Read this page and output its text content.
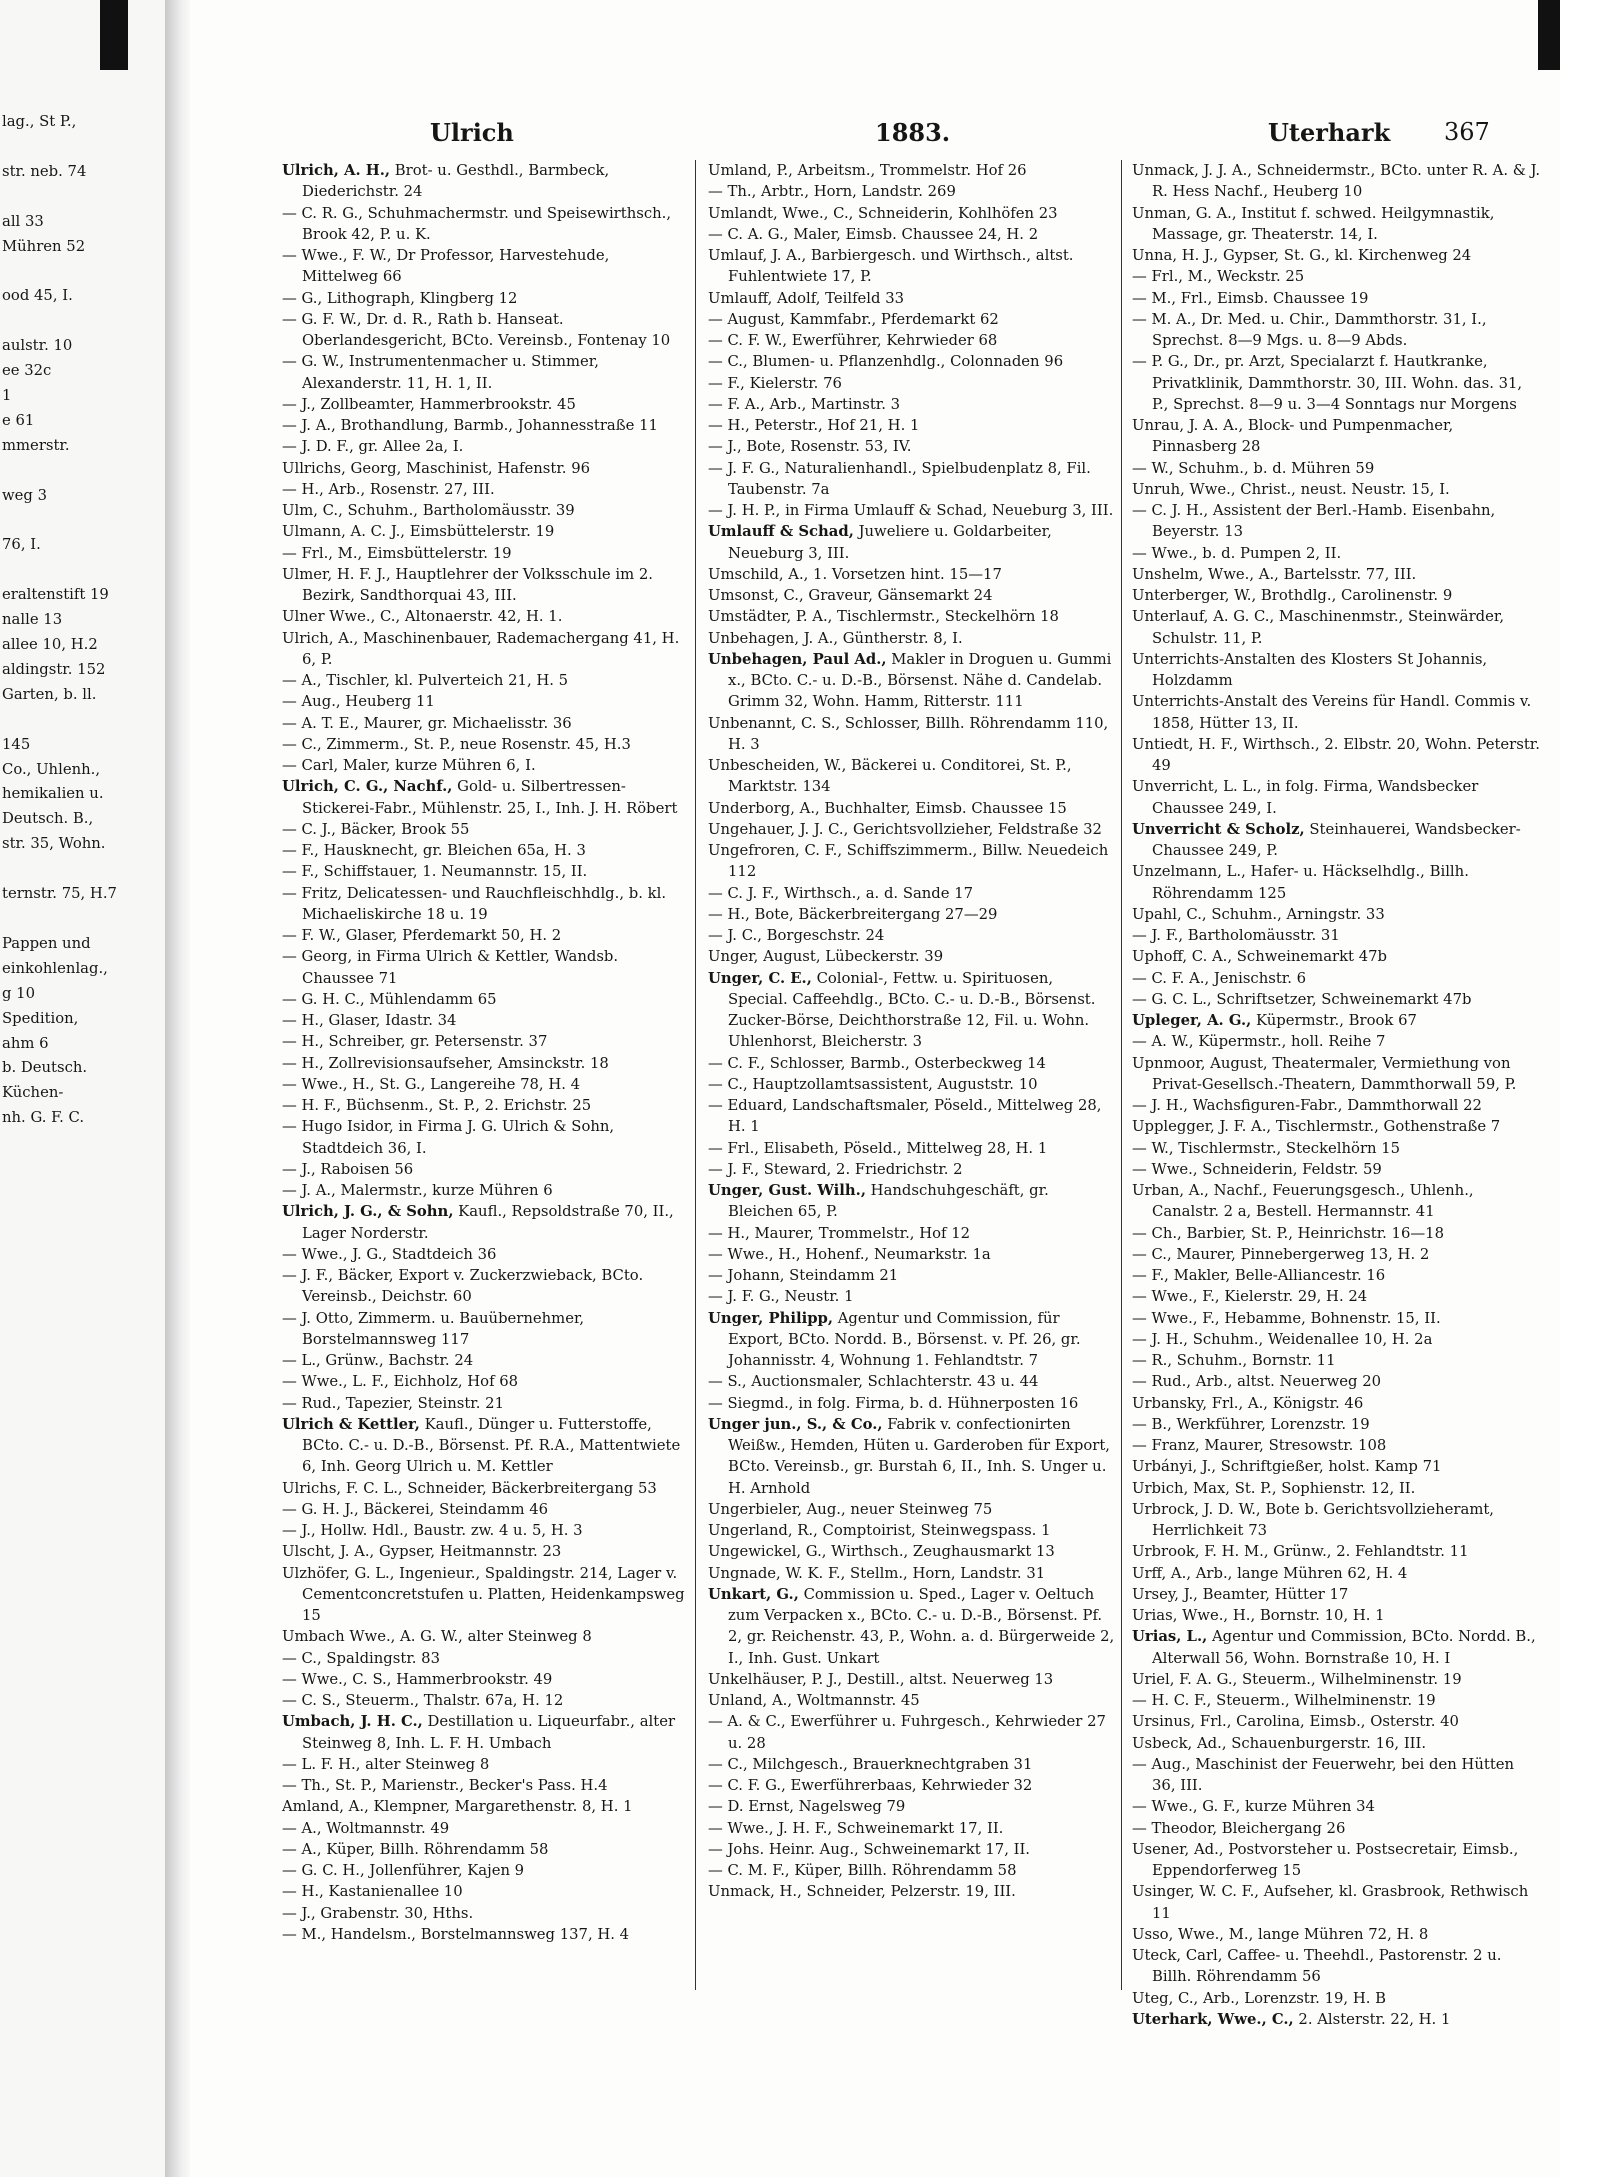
lag., St P.,

str. neb. 74

all 33
Mühren 52

ood 45, I.

aulstr. 10
ee 32c
1
e 61
mmerstr.

weg 3

76, I.

eraltenstift 19
nalle 13
allee 10, H.2
aldingstr. 152
Garten, b. ll.

145
Co., Uhlenh.,
hemikalien u.
Deutsch. B.,
str. 35, Wohn.

ternstr. 75, H.7

Pappen und
einkohlenlag.,
g 10
Spedition,
ahm 6
b. Deutsch.
Küchen-
nh. G. F. C.
Ulrich	1883.	Uterhark 367
Ulrich, A. H., Brot- u. Gesthdl., Barmbeck, Diederichstr. 24
— C. R. G., Schuhmachermstr. und Speisewirthsch., Brook 42, P. u. K.
— Wwe., F. W., Dr Professor, Harvestehude, Mittelweg 66
— G., Lithograph, Klingberg 12
— G. F. W., Dr. d. R., Rath b. Hanseat. Oberlandesgericht, BCto. Vereinsb., Fontenay 10
— G. W., Instrumentenmacher u. Stimmer, Alexanderstr. 11, H. 1, II.
— J., Zollbeamter, Hammerbrookstr. 45
— J. A., Brothandlung, Barmb., Johannesstraße 11
— J. D. F., gr. Allee 2a, I.
Ullrichs, Georg, Maschinist, Hafenstr. 96
— H., Arb., Rosenstr. 27, III.
Ulm, C., Schuhm., Bartholomäusstr. 39
Ulmann, A. C. J., Eimsbüttelerstr. 19
— Frl., M., Eimsbüttelerstr. 19
Ulmer, H. F. J., Hauptlehrer der Volksschule im 2. Bezirk, Sandthorquai 43, III.
Ulner Wwe., C., Altonaerstr. 42, H. 1.
Ulrich, A., Maschinenbauer, Rademachergang 41, H. 6, P.
— A., Tischler, kl. Pulverteich 21, H. 5
— Aug., Heuberg 11
— A. T. E., Maurer, gr. Michaelisstr. 36
— C., Zimmerm., St. P., neue Rosenstr. 45, H.3
— Carl, Maler, kurze Mühren 6, I.
Ulrich, C. G., Nachf., Gold- u. Silbertressen-Stickerei-Fabr., Mühlenstr. 25, I., Inh. J. H. Röbert
— C. J., Bäcker, Brook 55
— F., Hausknecht, gr. Bleichen 65a, H. 3
— F., Schiffstauer, 1. Neumannstr. 15, II.
— Fritz, Delicatessen- und Rauchfleischhdlg., b. kl. Michaeliskirche 18 u. 19
— F. W., Glaser, Pferdemarkt 50, H. 2
— Georg, in Firma Ulrich & Kettler, Wandsb. Chaussee 71
— G. H. C., Mühlendamm 65
— H., Glaser, Idastr. 34
— H., Schreiber, gr. Petersenstr. 37
— H., Zollrevisionsaufseher, Amsinckstr. 18
— Wwe., H., St. G., Langereihe 78, H. 4
— H. F., Büchsenm., St. P., 2. Erichstr. 25
— Hugo Isidor, in Firma J. G. Ulrich & Sohn, Stadtdeich 36, I.
— J., Raboisen 56
— J. A., Malermstr., kurze Mühren 6
Ulrich, J. G., & Sohn, Kaufl., Repsoldstraße 70, II., Lager Norderstr.
— Wwe., J. G., Stadtdeich 36
— J. F., Bäcker, Export v. Zuckerzwieback, BCto. Vereinsb., Deichstr. 60
— J. Otto, Zimmerm. u. Bauübernehmer, Borstelmannsweg 117
— L., Grünw., Bachstr. 24
— Wwe., L. F., Eichholz, Hof 68
— Rud., Tapezier, Steinstr. 21
Ulrich & Kettler, Kaufl., Dünger u. Futterstoffe, BCto. C.- u. D.-B., Börsenst. Pf. R.A., Mattentwiete 6, Inh. Georg Ulrich u. M. Kettler
Ulrichs, F. C. L., Schneider, Bäckerbreitergang 53
— G. H. J., Bäckerei, Steindamm 46
— J., Hollw. Hdl., Baustr. zw. 4 u. 5, H. 3
Ulscht, J. A., Gypser, Heitmannstr. 23
Ulzhöfer, G. L., Ingenieur., Spaldingstr. 214, Lager v. Cementconcretstufen u. Platten, Heidenkampsweg 15
Umbach Wwe., A. G. W., alter Steinweg 8
— C., Spaldingstr. 83
— Wwe., C. S., Hammerbrookstr. 49
— C. S., Steuerm., Thalstr. 67a, H. 12
Umbach, J. H. C., Destillation u. Liqueurfabr., alter Steinweg 8, Inh. L. F. H. Umbach
— L. F. H., alter Steinweg 8
— Th., St. P., Marienstr., Becker's Pass. H.4
Amland, A., Klempner, Margarethenstr. 8, H. 1
— A., Woltmannstr. 49
— A., Küper, Billh. Röhrendamm 58
— G. C. H., Jollenführer, Kajen 9
— H., Kastanienallee 10
— J., Grabenstr. 30, Hths.
— M., Handelsm., Borstelmannsweg 137, H. 4
Umland, P., Arbeitsm., Trommelstr. Hof 26
— Th., Arbtr., Horn, Landstr. 269
Umlandt, Wwe., C., Schneiderin, Kohlhöfen 23
— C. A. G., Maler, Eimsb. Chaussee 24, H. 2
Umlauf, J. A., Barbiergesch. und Wirthsch., altst. Fuhlentwiete 17, P.
Umlauff, Adolf, Teilfeld 33
— August, Kammfabr., Pferdemarkt 62
— C. F. W., Ewerführer, Kehrwieder 68
— C., Blumen- u. Pflanzenhdlg., Colonnaden 96
— F., Kielerstr. 76
— F. A., Arb., Martinstr. 3
— H., Peterstr., Hof 21, H. 1
— J., Bote, Rosenstr. 53, IV.
— J. F. G., Naturalienhandl., Spielbudenplatz 8, Fil. Taubenstr. 7a
— J. H. P., in Firma Umlauff & Schad, Neueburg 3, III.
Umlauff & Schad, Juweliere u. Goldarbeiter, Neueburg 3, III.
Umschild, A., 1. Vorsetzen hint. 15—17
Umsonst, C., Graveur, Gänsemarkt 24
Umstädter, P. A., Tischlermstr., Steckelhörn 18
Unbehagen, J. A., Güntherstr. 8, I.
Unbehagen, Paul Ad., Makler in Droguen u. Gummi x., BCto. C.- u. D.-B., Börsenst. Nähe d. Candelab. Grimm 32, Wohn. Hamm, Ritterstr. 111
Unbenannt, C. S., Schlosser, Billh. Röhrendamm 110, H. 3
Unbescheiden, W., Bäckerei u. Conditorei, St. P., Marktstr. 134
Underborg, A., Buchhalter, Eimsb. Chaussee 15
Ungehauer, J. J. C., Gerichtsvollzieher, Feldstraße 32
Ungefroren, C. F., Schiffszimmerm., Billw. Neuedeich 112
— C. J. F., Wirthsch., a. d. Sande 17
— H., Bote, Bäckerbreitergang 27—29
— J. C., Borgeschstr. 24
Unger, August, Lübeckerstr. 39
Unger, C. E., Colonial-, Fettw. u. Spirituosen, Special. Caffeehdlg., BCto. C.- u. D.-B., Börsenst. Zucker-Börse, Deichthorstraße 12, Fil. u. Wohn. Uhlenhorst, Bleicherstr. 3
— C. F., Schlosser, Barmb., Osterbeckweg 14
— C., Hauptzollamtsassistent, Auguststr. 10
— Eduard, Landschaftsmaler, Pöseld., Mittelweg 28, H. 1
— Frl., Elisabeth, Pöseld., Mittelweg 28, H. 1
— J. F., Steward, 2. Friedrichstr. 2
Unger, Gust. Wilh., Handschuhgeschäft, gr. Bleichen 65, P.
— H., Maurer, Trommelstr., Hof 12
— Wwe., H., Hohenf., Neumarkstr. 1a
— Johann, Steindamm 21
— J. F. G., Neustr. 1
Unger, Philipp, Agentur und Commission, für Export, BCto. Nordd. B., Börsenst. v. Pf. 26, gr. Johannisstr. 4, Wohnung 1. Fehlandtstr. 7
— S., Auctionsmaler, Schlachterstr. 43 u. 44
— Siegmd., in folg. Firma, b. d. Hühnerposten 16
Unger jun., S., & Co., Fabrik v. confectionirten Weißw., Hemden, Hüten u. Garderoben für Export, BCto. Vereinsb., gr. Burstah 6, II., Inh. S. Unger u. H. Arnhold
Ungerbieler, Aug., neuer Steinweg 75
Ungerland, R., Comptoirist, Steinwegspass. 1
Ungewickel, G., Wirthsch., Zeughausmarkt 13
Ungnade, W. K. F., Stellm., Horn, Landstr. 31
Unkart, G., Commission u. Sped., Lager v. Oeltuch zum Verpacken x., BCto. C.- u. D.-B., Börsenst. Pf. 2, gr. Reichenstr. 43, P., Wohn. a. d. Bürgerweide 2, I., Inh. Gust. Unkart
Unkelhäuser, P. J., Destill., altst. Neuerweg 13
Unland, A., Woltmannstr. 45
— A. & C., Ewerführer u. Fuhrgesch., Kehrwieder 27 u. 28
— C., Milchgesch., Brauerknechtgraben 31
— C. F. G., Ewerführerbaas, Kehrwieder 32
— D. Ernst, Nagelsweg 79
— Wwe., J. H. F., Schweinemarkt 17, II.
— Johs. Heinr. Aug., Schweinemarkt 17, II.
— C. M. F., Küper, Billh. Röhrendamm 58
Unmack, H., Schneider, Pelzerstr. 19, III.
Unmack, J. J. A., Schneidermstr., BCto. unter R. A. & J. R. Hess Nachf., Heuberg 10
Unman, G. A., Institut f. schwed. Heilgymnastik, Massage, gr. Theaterstr. 14, I.
Unna, H. J., Gypser, St. G., kl. Kirchenweg 24
— Frl., M., Weckstr. 25
— M., Frl., Eimsb. Chaussee 19
— M. A., Dr. Med. u. Chir., Dammthorstr. 31, I., Sprechst. 8—9 Mgs. u. 8—9 Abds.
— P. G., Dr., pr. Arzt, Specialarzt f. Hautkranke, Privatklinik, Dammthorstr. 30, III. Wohn. das. 31, P., Sprechst. 8—9 u. 3—4 Sonntags nur Morgens
Unrau, J. A. A., Block- und Pumpenmacher, Pinnasberg 28
— W., Schuhm., b. d. Mühren 59
Unruh, Wwe., Christ., neust. Neustr. 15, I.
— C. J. H., Assistent der Berl.-Hamb. Eisenbahn, Beyerstr. 13
— Wwe., b. d. Pumpen 2, II.
Unshelm, Wwe., A., Bartelsstr. 77, III.
Unterberger, W., Brothdlg., Carolinenstr. 9
Unterlauf, A. G. C., Maschinenmstr., Steinwärder, Schulstr. 11, P.
Unterrichts-Anstalten des Klosters St Johannis, Holzdamm
Unterrichts-Anstalt des Vereins für Handl. Commis v. 1858, Hütter 13, II.
Untiedt, H. F., Wirthsch., 2. Elbstr. 20, Wohn. Peterstr. 49
Unverricht, L. L., in folg. Firma, Wandsbecker Chaussee 249, I.
Unverricht & Scholz, Steinhauerei, Wandsbecker-Chaussee 249, P.
Unzelmann, L., Hafer- u. Häckselhdlg., Billh. Röhrendamm 125
Upahl, C., Schuhm., Arningstr. 33
— J. F., Bartholomäusstr. 31
Uphoff, C. A., Schweinemarkt 47b
— C. F. A., Jenischstr. 6
— G. C. L., Schriftsetzer, Schweinemarkt 47b
Upleger, A. G., Küpermstr., Brook 67
— A. W., Küpermstr., holl. Reihe 7
Upnmoor, August, Theatermaler, Vermiethung von Privat-Gesellsch.-Theatern, Dammthorwall 59, P.
— J. H., Wachsfiguren-Fabr., Dammthorwall 22
Upplegger, J. F. A., Tischlermstr., Gothenstraße 7
— W., Tischlermstr., Steckelhörn 15
— Wwe., Schneiderin, Feldstr. 59
Urban, A., Nachf., Feuerungsgesch., Uhlenh., Canalstr. 2 a, Bestell. Hermannstr. 41
— Ch., Barbier, St. P., Heinrichstr. 16—18
— C., Maurer, Pinnebergerweg 13, H. 2
— F., Makler, Belle-Alliancestr. 16
— Wwe., F., Kielerstr. 29, H. 24
— Wwe., F., Hebamme, Bohnenstr. 15, II.
— J. H., Schuhm., Weidenallee 10, H. 2a
— R., Schuhm., Bornstr. 11
— Rud., Arb., altst. Neuerweg 20
Urbansky, Frl., A., Königstr. 46
— B., Werkführer, Lorenzstr. 19
— Franz, Maurer, Stresowstr. 108
Urbányi, J., Schriftgießer, holst. Kamp 71
Urbich, Max, St. P., Sophienstr. 12, II.
Urbrock, J. D. W., Bote b. Gerichtsvollzieheramt, Herrlichkeit 73
Urbrook, F. H. M., Grünw., 2. Fehlandtstr. 11
Urff, A., Arb., lange Mühren 62, H. 4
Ursey, J., Beamter, Hütter 17
Urias, Wwe., H., Bornstr. 10, H. 1
Urias, L., Agentur und Commission, BCto. Nordd. B., Alterwall 56, Wohn. Bornstraße 10, H. I
Uriel, F. A. G., Steuerm., Wilhelminenstr. 19
— H. C. F., Steuerm., Wilhelminenstr. 19
Ursinus, Frl., Carolina, Eimsb., Osterstr. 40
Usbeck, Ad., Schauenburgerstr. 16, III.
— Aug., Maschinist der Feuerwehr, bei den Hütten 36, III.
— Wwe., G. F., kurze Mühren 34
— Theodor, Bleichergang 26
Usener, Ad., Postvorsteher u. Postsecretair, Eimsb., Eppendorferweg 15
Usinger, W. C. F., Aufseher, kl. Grasbrook, Rethwisch 11
Usso, Wwe., M., lange Mühren 72, H. 8
Uteck, Carl, Caffee- u. Theehdl., Pastorenstr. 2 u. Billh. Röhrendamm 56
Uteg, C., Arb., Lorenzstr. 19, H. B
Uterhark, Wwe., C., 2. Alsterstr. 22, H. 1
